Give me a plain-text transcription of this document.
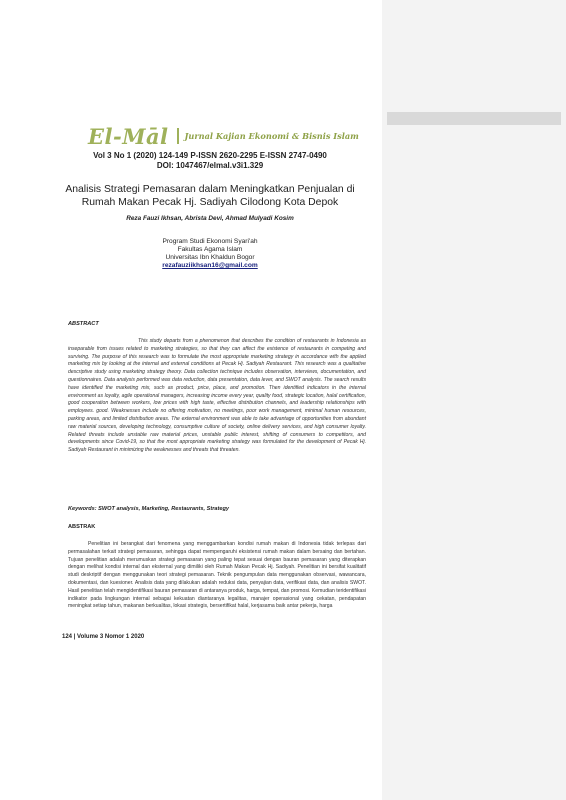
El-Māl Jurnal Kajian Ekonomi & Bisnis Islam
Vol 3 No 1 (2020) 124-149 P-ISSN 2620-2295 E-ISSN 2747-0490
DOI: 1047467/elmal.v3i1.329
Analisis Strategi Pemasaran dalam Meningkatkan Penjualan di Rumah Makan Pecak Hj. Sadiyah Cilodong Kota Depok
Reza Fauzi Ikhsan, Abrista Devi, Ahmad Mulyadi Kosim
Program Studi Ekonomi Syari'ah
Fakultas Agama Islam
Universitas Ibn Khaldun Bogor
rezafauziikhsan16@gmail.com
ABSTRACT
This study departs from a phenomenon that describes the condition of restaurants in Indonesia as inseparable from issues related to marketing strategies, so that they can affect the existence of restaurants in competing and surviving. The purpose of this research was to formulate the most appropriate marketing strategy in accordance with the applied marketing mix by looking at the internal and external conditions at Pecak Hj. Sadiyah Restaurant. This research was a qualitative descriptive study using marketing strategy theory. Data collection technique includes observation, interviews, documentation, and questionnaires. Data analysis performed was data reduction, data presentation, data lever, and SWOT analysis. The search results have identified the marketing mix, such as product, price, place, and promotion. Then identified indicators in the internal environment as loyalty, agile operational managers, increasing income every year, quality food, strategic location, halal certification, good cooperation between workers, low prices with high taste, effective distribution channels, and leadership relationships with employees. good. Weaknesses include no offering motivation, no meetings, poor work management, minimal human resources, parking areas, and limited distribution areas. The external environment was able to take advantage of opportunities from abundant raw material sources, developing technology, consumptive culture of society, online delivery services, and high consumer loyalty. Related threats include unstable raw material prices, unstable public interest, shifting of consumers to competitors, and developments since Covid-19, so that the most appropriate marketing strategy was formulated for the development of Pecak Hj. Sadiyah Restaurant in minimizing the weaknesses and threats that threaten.
Keywords: SWOT analysis, Marketing, Restaurants, Strategy
ABSTRAK
Penelitian ini berangkat dari fenomena yang menggambarkan kondisi rumah makan di Indonesia tidak terlepas dari permasalahan terkait strategi pemasaran, sehingga dapat mempengaruhi eksistensi rumah makan dalam bersaing dan bertahan. Tujuan penelitian adalah merumuskan strategi pemasaran yang paling tepat sesuai dengan bauran pemasaran yang diterapkan dengan melihat kondisi internal dan eksternal yang dimiliki oleh Rumah Makan Pecak Hj. Sadiyah. Penelitian ini bersifat kualitatif studi deskriptif dengan menggunakan teori strategi pemasaran. Teknik pengumpulan data menggunakan observasi, wawancara, dokumentasi, dan kuesioner. Analisis data yang dilakukan adalah reduksi data, penyajian data, verifikasi data, dan analisis SWOT. Hasil penelitian telah mengidentifikasi bauran pemasaran di antaranya produk, harga, tempat, dan promosi. Kemudian teridentifikasi indikator pada lingkungan internal sebagai kekuatan diantaranya legalitas, manajer operasional yang cekatan, pendapatan meningkat setiap tahun, makanan berkualitas, lokasi strategis, bersertifikat halal, kerjasama baik antar pekerja, harga
124 | Volume 3 Nomor 1 2020
